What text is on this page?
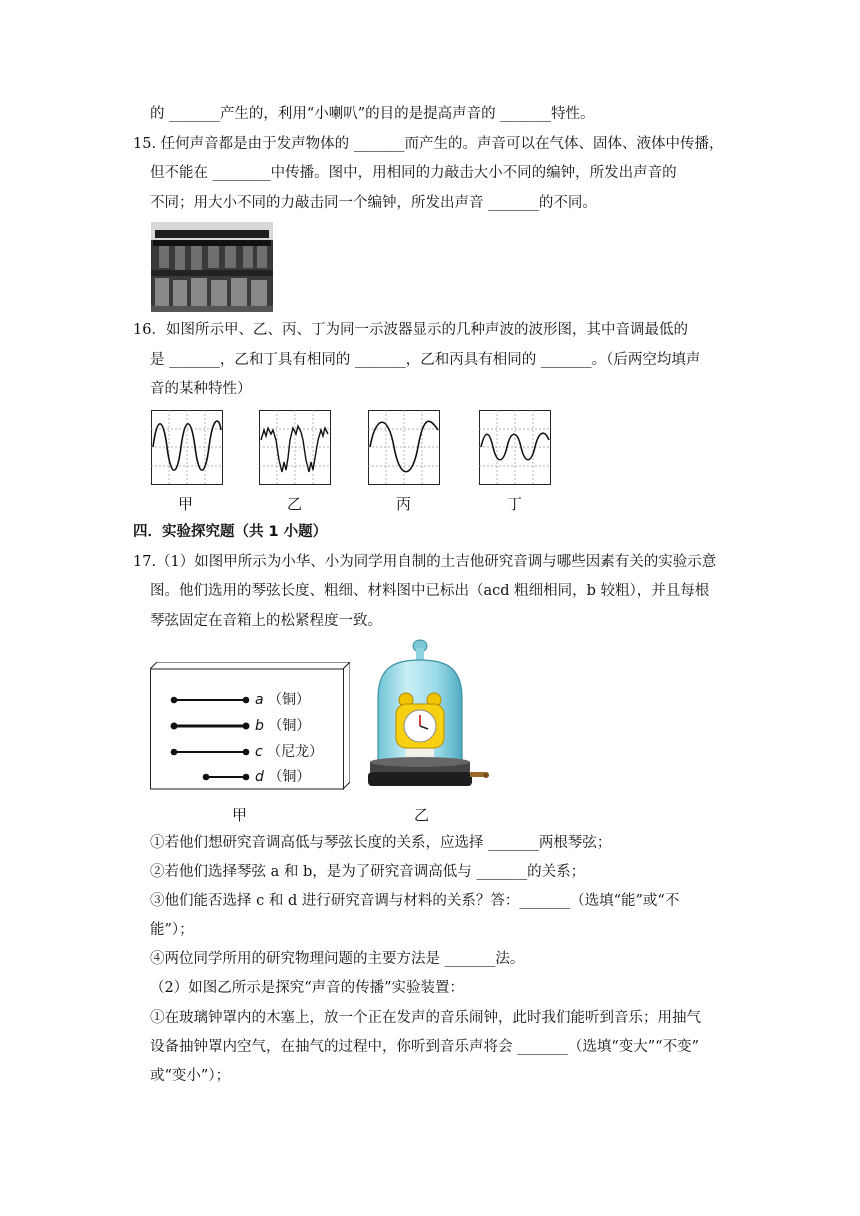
的 _______产生的，利用“小喇叭”的目的是提高声音的 _______特性。
15. 任何声音都是由于发声物体的 _______而产生的。声音可以在气体、固体、液体中传播，
但不能在 ________中传播。图中，用相同的力敲击大小不同的编钟，所发出声音的
不同；用大小不同的力敲击同一个编钟，所发出声音 _______的不同。
16．如图所示甲、乙、丙、丁为同一示波器显示的几种声波的波形图，其中音调最低的
是 _______，乙和丁具有相同的 _______，乙和丙具有相同的 _______。（后两空均填声
音的某种特性）
甲	乙	丙	丁
四．实验探究题（共 1 小题）
17.（1）如图甲所示为小华、小为同学用自制的土吉他研究音调与哪些因素有关的实验示意
图。他们选用的琴弦长度、粗细、材料图中已标出（acd 粗细相同，b 较粗），并且每根
琴弦固定在音箱上的松紧程度一致。
a （铜）
b （铜）
c （尼龙）
d （铜）
甲	乙
①若他们想研究音调高低与琴弦长度的关系，应选择 _______两根琴弦；
②若他们选择琴弦 a 和 b，是为了研究音调高低与 _______的关系；
③他们能否选择 c 和 d 进行研究音调与材料的关系？答：_______（选填“能”或“不
能”）；
④两位同学所用的研究物理问题的主要方法是 _______法。
（2）如图乙所示是探究“声音的传播”实验装置：
①在玻璃钟罩内的木塞上，放一个正在发声的音乐闹钟，此时我们能听到音乐；用抽气
设备抽钟罩内空气，在抽气的过程中，你听到音乐声将会 _______（选填“变大”“不变”
或“变小”）；
